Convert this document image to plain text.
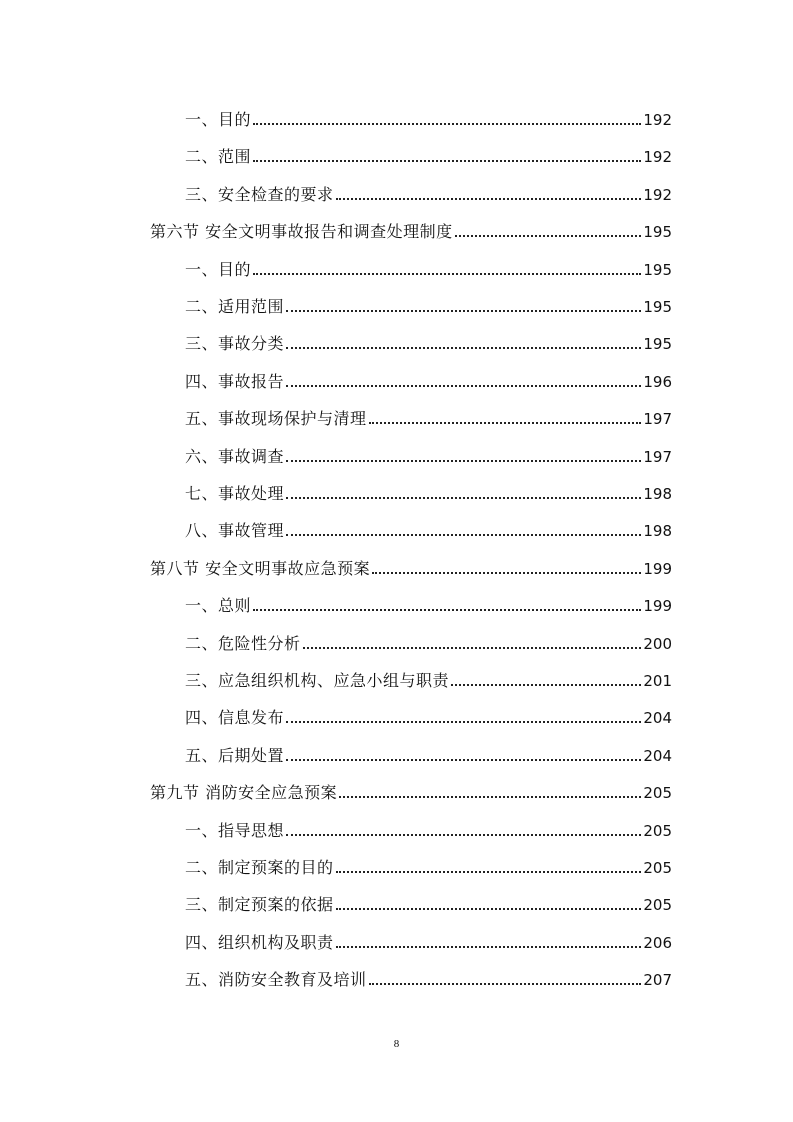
一、目的	192
二、范围	192
三、安全检查的要求	192
第六节 安全文明事故报告和调查处理制度	195
一、目的	195
二、适用范围	195
三、事故分类	195
四、事故报告	196
五、事故现场保护与清理	197
六、事故调查	197
七、事故处理	198
八、事故管理	198
第八节 安全文明事故应急预案	199
一、总则	199
二、危险性分析	200
三、应急组织机构、应急小组与职责	201
四、信息发布	204
五、后期处置	204
第九节 消防安全应急预案	205
一、指导思想	205
二、制定预案的目的	205
三、制定预案的依据	205
四、组织机构及职责	206
五、消防安全教育及培训	207
8
